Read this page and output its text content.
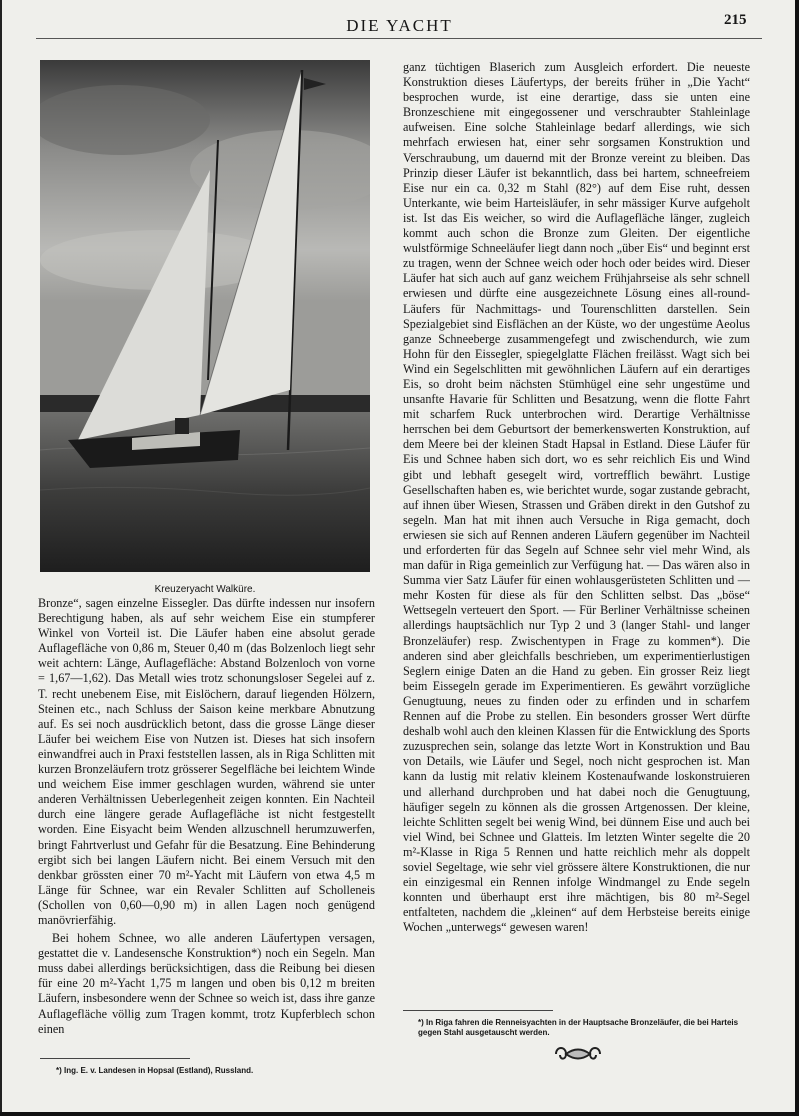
DIE YACHT	215
Kreuzeryacht Walküre.

Bronze“, sagen einzelne Eissegler. Das dürfte indessen nur insofern Berechtigung haben, als auf sehr weichem Eise ein stumpferer Winkel von Vorteil ist. Die Läufer haben eine absolut gerade Auflagefläche von 0,86 m, Steuer 0,40 m (das Bolzenloch liegt sehr weit achtern: Länge, Auflagefläche: Abstand Bolzenloch von vorne = 1,67—1,62). Das Metall wies trotz schonungsloser Segelei auf z. T. recht unebenem Eise, mit Eislöchern, darauf liegenden Hölzern, Steinen etc., nach Schluss der Saison keine merkbare Abnutzung auf. Es sei noch ausdrücklich betont, dass die grosse Länge dieser Läufer bei weichem Eise von Nutzen ist. Dieses hat sich insofern einwandfrei auch in Praxi feststellen lassen, als in Riga Schlitten mit kurzen Bronzeläufern trotz grösserer Segelfläche bei leichtem Winde und weichem Eise immer geschlagen wurden, während sie unter anderen Verhältnissen Ueberlegenheit zeigen konnten. Ein Nachteil durch eine längere gerade Auflagefläche ist nicht festgestellt worden. Eine Eisyacht beim Wenden allzuschnell herumzuwerfen, bringt Fahrtverlust und Gefahr für die Besatzung. Eine Behinderung ergibt sich bei langen Läufern nicht. Bei einem Versuch mit den denkbar grössten einer 70 m²-Yacht mit Läufern von etwa 4,5 m Länge für Schnee, war ein Revaler Schlitten auf Scholleneis (Schollen von 0,60—0,90 m) in allen Lagen noch genügend manövrierfähig.

Bei hohem Schnee, wo alle anderen Läufertypen versagen, gestattet die v. Landesensche Konstruktion*) noch ein Segeln. Man muss dabei allerdings berücksichtigen, dass die Reibung bei diesen für eine 20 m²-Yacht 1,75 m langen und oben bis 0,12 m breiten Läufern, insbesondere wenn der Schnee so weich ist, dass ihre ganze Auflagefläche völlig zum Tragen kommt, trotz Kupferblech schon einen

ganz tüchtigen Blaserich zum Ausgleich erfordert. Die neueste Konstruktion dieses Läufertyps, der bereits früher in „Die Yacht“ besprochen wurde, ist eine derartige, dass sie unten eine Bronzeschiene mit eingegossener und verschraubter Stahleinlage aufweisen. Eine solche Stahleinlage bedarf allerdings, wie sich mehrfach erwiesen hat, einer sehr sorgsamen Konstruktion und Verschraubung, um dauernd mit der Bronze vereint zu bleiben. Das Prinzip dieser Läufer ist bekanntlich, dass bei hartem, schneefreiem Eise nur ein ca. 0,32 m Stahl (82°) auf dem Eise ruht, dessen Unterkante, wie beim Harteisläufer, in sehr mässiger Kurve aufgeholt ist. Ist das Eis weicher, so wird die Auflagefläche länger, zugleich kommt auch schon die Bronze zum Gleiten. Der eigentliche wulstförmige Schneeläufer liegt dann noch „über Eis“ und beginnt erst zu tragen, wenn der Schnee weich oder hoch oder beides wird. Dieser Läufer hat sich auch auf ganz weichem Frühjahrseise als sehr schnell erwiesen und dürfte eine ausgezeichnete Lösung eines all-round-Läufers für Nachmittags- und Tourenschlitten darstellen. Sein Spezialgebiet sind Eisflächen an der Küste, wo der ungestüme Aeolus ganze Schneeberge zusammengefegt und zwischendurch, wie zum Hohn für den Eissegler, spiegelglatte Flächen freilässt. Wagt sich bei Wind ein Segelschlitten mit gewöhnlichen Läufern auf ein derartiges Eis, so droht beim nächsten Stümhügel eine sehr ungestüme und unsanfte Havarie für Schlitten und Besatzung, wenn die flotte Fahrt mit scharfem Ruck unterbrochen wird. Derartige Verhältnisse herrschen bei dem Geburtsort der bemerkenswerten Konstruktion, auf dem Meere bei der kleinen Stadt Hapsal in Estland. Diese Läufer für Eis und Schnee haben sich dort, wo es sehr reichlich Eis und Wind gibt und lebhaft gesegelt wird, vortrefflich bewährt. Lustige Gesellschaften haben es, wie berichtet wurde, sogar zustande gebracht, auf ihnen über Wiesen, Strassen und Gräben direkt in den Gutshof zu segeln. Man hat mit ihnen auch Versuche in Riga gemacht, doch erwiesen sie sich auf Rennen anderen Läufern gegenüber im Nachteil und erforderten für das Segeln auf Schnee sehr viel mehr Wind, als man dafür in Riga gemeinlich zur Verfügung hat. — Das wären also in Summa vier Satz Läufer für einen wohlausgerüsteten Schlitten und — mehr Kosten für diese als für den Schlitten selbst. Das „böse“ Wettsegeln verteuert den Sport. — Für Berliner Verhältnisse scheinen allerdings hauptsächlich nur Typ 2 und 3 (langer Stahl- und langer Bronzeläufer) resp. Zwischentypen in Frage zu kommen*). Die anderen sind aber gleichfalls beschrieben, um experimentierlustigen Seglern einige Daten an die Hand zu geben. Ein grosser Reiz liegt beim Eissegeln gerade im Experimentieren. Es gewährt vorzügliche Genugtuung, neues zu finden oder zu erfinden und in scharfem Rennen auf die Probe zu stellen. Ein besonders grosser Wert dürfte deshalb wohl auch den kleinen Klassen für die Entwicklung des Sports zuzusprechen sein, solange das letzte Wort in Konstruktion und Bau von Details, wie Läufer und Segel, noch nicht gesprochen ist. Man kann da lustig mit relativ kleinem Kostenaufwande loskonstruieren und allerhand durchproben und hat dabei noch die Genugtuung, häufiger segeln zu können als die grossen Artgenossen. Der kleine, leichte Schlitten segelt bei wenig Wind, bei dünnem Eise und auch bei viel Wind, bei Schnee und Glatteis. Im letzten Winter segelte die 20 m²-Klasse in Riga 5 Rennen und hatte reichlich mehr als doppelt soviel Segeltage, wie sehr viel grössere ältere Konstruktionen, die nur ein einzigesmal ein Rennen infolge Windmangel zu Ende segeln konnten und überhaupt erst ihre mächtigen, bis 80 m²-Segel entfalteten, nachdem die „kleinen“ auf dem Herbsteise bereits einige Wochen „unterwegs“ gewesen waren!

*) Ing. E. v. Landesen in Hopsal (Estland), Russland.
*) In Riga fahren die Renneisyachten in der Hauptsache Bronzeläufer, die bei Harteis gegen Stahl ausgetauscht werden.
